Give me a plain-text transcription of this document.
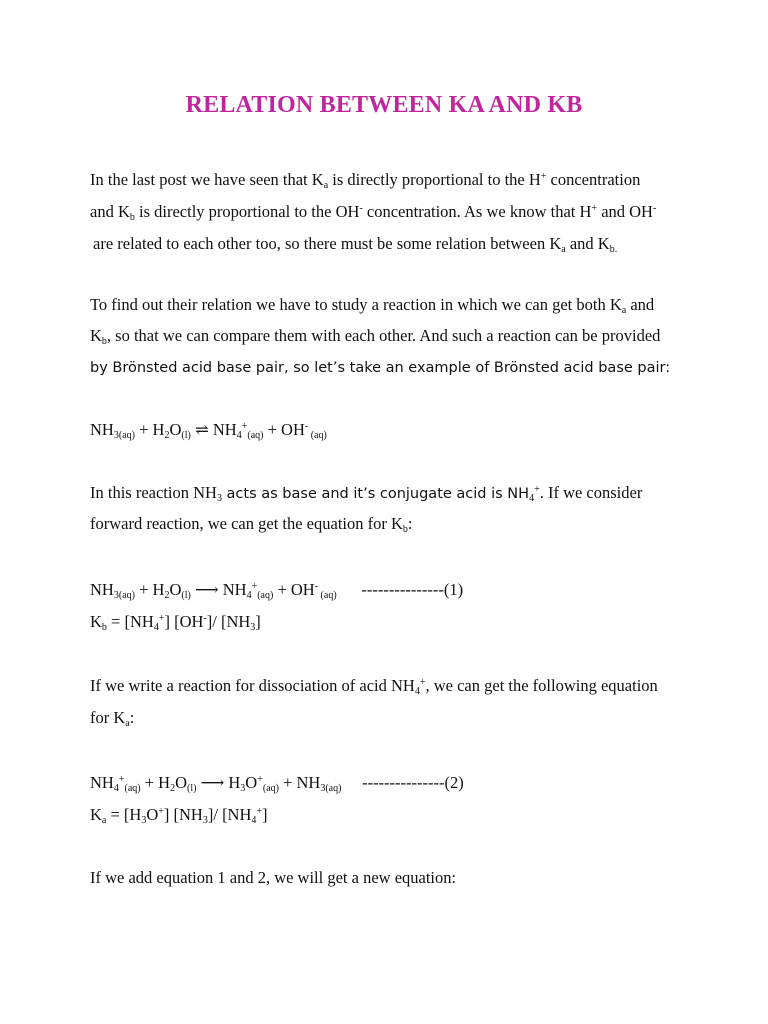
RELATION BETWEEN KA AND KB
In the last post we have seen that $K_a$ is directly proportional to the H+ concentration
and $K_b$ is directly proportional to the OH- concentration. As we know that H+ and OH-
are related to each other too, so there must be some relation between $K_a$ and $K_{b.}$
To find out their relation we have to study a reaction in which we can get both $K_a$ and
$K_b$, so that we can compare them with each other. And such a reaction can be provided
by Brönsted acid base pair, so let’s take an example of Brönsted acid base pair:
$NH_{3(aq)} + H_2O_{(l)}$ ⇌ $NH_4^+_{(aq)} + OH^-$ $_{(aq)}$
In this reaction $NH_3$ acts as base and it’s conjugate acid is $NH_4^+$. If we consider
forward reaction, we can get the equation for $K_b$:
$NH_{3(aq)} + H_2O_{(l)}$ ⟶ $NH_4^+_{(aq)} + OH^-$ $_{(aq)}$      ---------------(1)
$K_b = [NH_4^+]$ [OH-]/ $[NH_3]$
If we write a reaction for dissociation of acid $NH_4^+$, we can get the following equation
for $K_a$:
$NH_4^+_{(aq)} + H_2O_{(l)}$ ⟶ $H_3O^+_{(aq)} + NH_{3(aq)}$     ---------------(2)
$K_a = [H_3O^+]$ $[NH_3]/$ $[NH_4^+]$
If we add equation 1 and 2, we will get a new equation:
